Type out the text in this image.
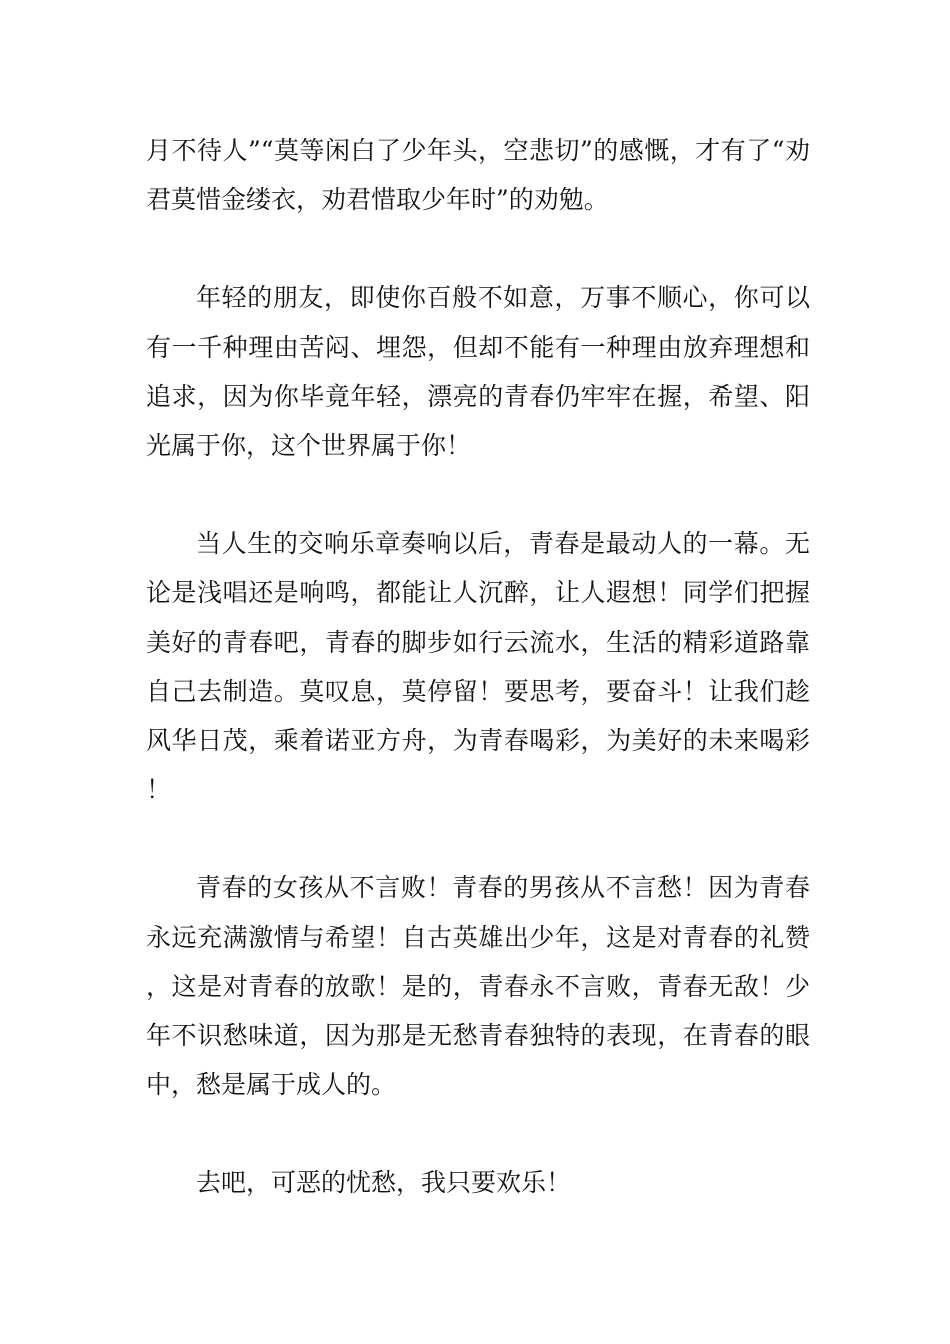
月不待人”“莫等闲白了少年头，空悲切”的感慨，才有了“劝君莫惜金缕衣，劝君惜取少年时”的劝勉。

年轻的朋友，即使你百般不如意，万事不顺心，你可以有一千种理由苦闷、埋怨，但却不能有一种理由放弃理想和追求，因为你毕竟年轻，漂亮的青春仍牢牢在握，希望、阳光属于你，这个世界属于你！

当人生的交响乐章奏响以后，青春是最动人的一幕。无论是浅唱还是响鸣，都能让人沉醉，让人遐想！同学们把握美好的青春吧，青春的脚步如行云流水，生活的精彩道路靠自己去制造。莫叹息，莫停留！要思考，要奋斗！让我们趁风华日茂，乘着诺亚方舟，为青春喝彩，为美好的未来喝彩！

青春的女孩从不言败！青春的男孩从不言愁！因为青春永远充满激情与希望！自古英雄出少年，这是对青春的礼赞，这是对青春的放歌！是的，青春永不言败，青春无敌！少年不识愁味道，因为那是无愁青春独特的表现，在青春的眼中，愁是属于成人的。

去吧，可恶的忧愁，我只要欢乐！
